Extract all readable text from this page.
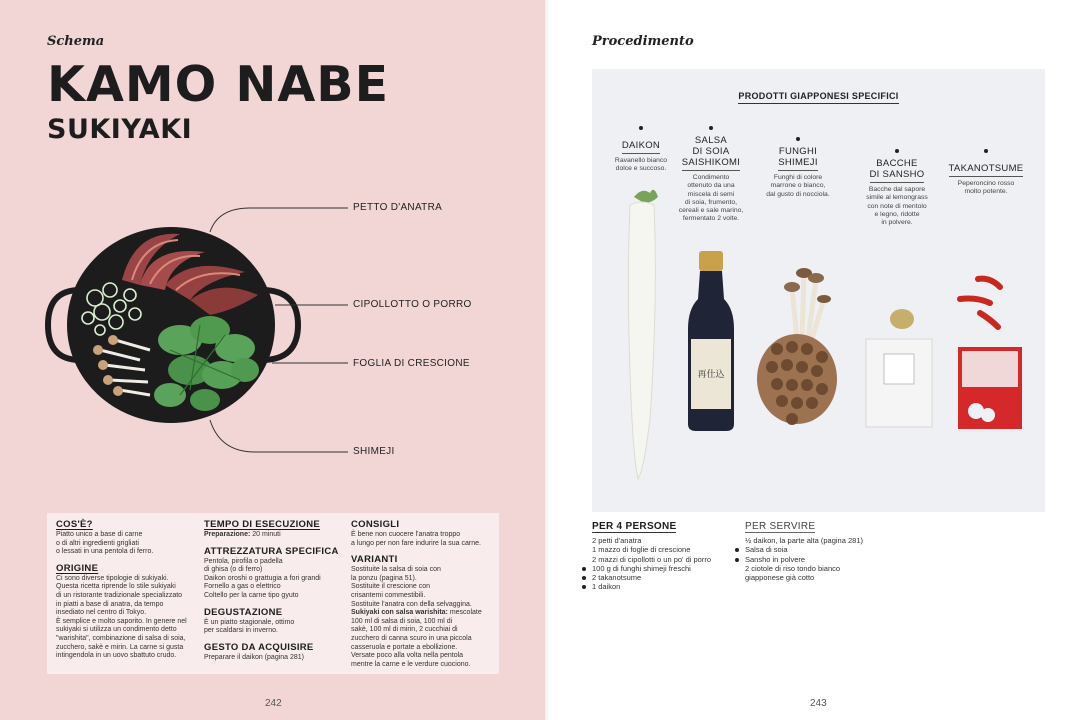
Schema
KAMO NABE
SUKIYAKI
PETTO D'ANATRA
CIPOLLOTTO O PORRO
FOGLIA DI CRESCIONE
SHIMEJI
COS'È?

Piatto unico a base di carne
o di altri ingredienti grigliati
o lessati in una pentola di ferro.

ORIGINE

Ci sono diverse tipologie di sukiyaki.
Questa ricetta riprende lo stile sukiyaki
di un ristorante tradizionale specializzato
in piatti a base di anatra, da tempo
insediato nel centro di Tokyo.
È semplice e molto saporito. In genere nel
sukiyaki si utilizza un condimento detto
"warishita", combinazione di salsa di soia,
zucchero, sakè e mirin. La carne si gusta
intingendola in un uovo sbattuto crudo.

TEMPO DI ESECUZIONE

Preparazione: 20 minuti

ATTREZZATURA SPECIFICA

Pentola, pirofila o padella
di ghisa (o di ferro)
Daikon oroshi o grattugia a fori grandi
Fornello a gas o elettrico
Coltello per la carne tipo gyuto

DEGUSTAZIONE

È un piatto stagionale, ottimo
per scaldarsi in inverno.

GESTO DA ACQUISIRE

Preparare il daikon (pagina 281)

CONSIGLI

È bene non cuocere l'anatra troppo
a lungo per non fare indurire la sua carne.

VARIANTI

Sostituite la salsa di soia con
la ponzu (pagina 51).
Sostituite il crescione con
crisantemi commestibili.
Sostituite l'anatra con della selvaggina.
Sukiyaki con salsa warishita: mescolate
100 ml di salsa di soia, 100 ml di
sakè, 100 ml di mirin, 2 cucchiai di
zucchero di canna scuro in una piccola
casseruola e portate a ebollizione.
Versate poco alla volta nella pentola
mentre la carne e le verdure cuociono.

242
Procedimento
243
PRODOTTI GIAPPONESI SPECIFICI
DAIKON
Ravanello bianco
dolce e succoso.
SALSA
DI SOIA
SAISHIKOMI
Condimento
ottenuto da una
miscela di semi
di soia, frumento,
cereali e sale marino,
fermentato 2 volte.
FUNGHI
SHIMEJI
Funghi di colore
marrone o bianco,
dal gusto di nocciola.
BACCHE
DI SANSHO
Bacche dal sapore
simile al lemongrass
con note di mentolo
e legno, ridotte
in polvere.
TAKANOTSUME
Peperoncino rosso
molto potente.
再仕込
PER 4 PERSONE
2 petti d'anatra
1 mazzo di foglie di crescione
2 mazzi di cipollotti o un po' di porro
100 g di funghi shimeji freschi
2 takanotsume
1 daikon
PER SERVIRE
½ daikon, la parte alta (pagina 281)
Salsa di soia
Sansho in polvere
2 ciotole di riso tondo bianco
giapponese già cotto
